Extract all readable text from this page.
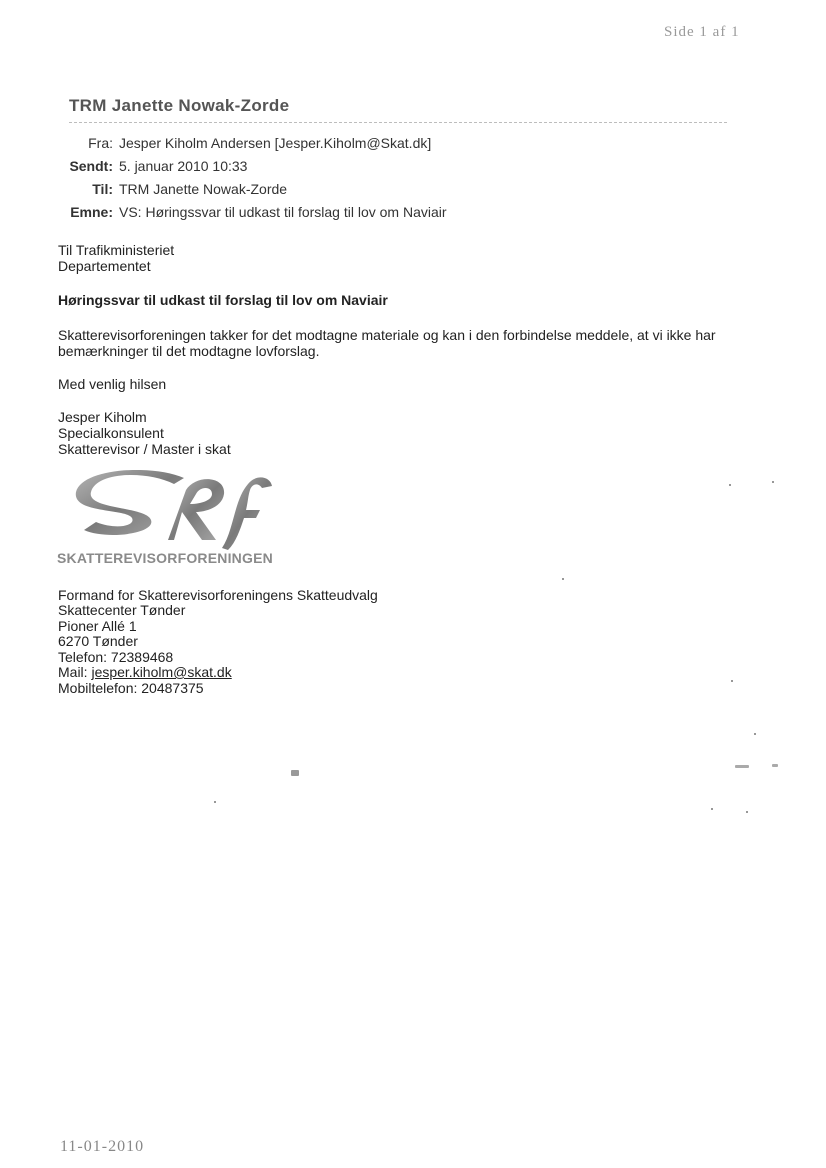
Side 1 af 1
TRM Janette Nowak-Zorde
Fra: Jesper Kiholm Andersen [Jesper.Kiholm@Skat.dk]
Sendt: 5. januar 2010 10:33
Til: TRM Janette Nowak-Zorde
Emne: VS: Høringssvar til udkast til forslag til lov om Naviair
Til Trafikministeriet
Departementet
Høringssvar til udkast til forslag til lov om Naviair
Skatterevisorforeningen takker for det modtagne materiale og kan i den forbindelse meddele, at vi ikke har
bemærkninger til det modtagne lovforslag.
Med venlig hilsen
Jesper Kiholm
Specialkonsulent
Skatterevisor / Master i skat
SKATTEREVISORFORENINGEN
Formand for Skatterevisorforeningens Skatteudvalg
Skattecenter Tønder
Pioner Allé 1
6270 Tønder
Telefon: 72389468
Mail: jesper.kiholm@skat.dk
Mobiltelefon: 20487375
11-01-2010
